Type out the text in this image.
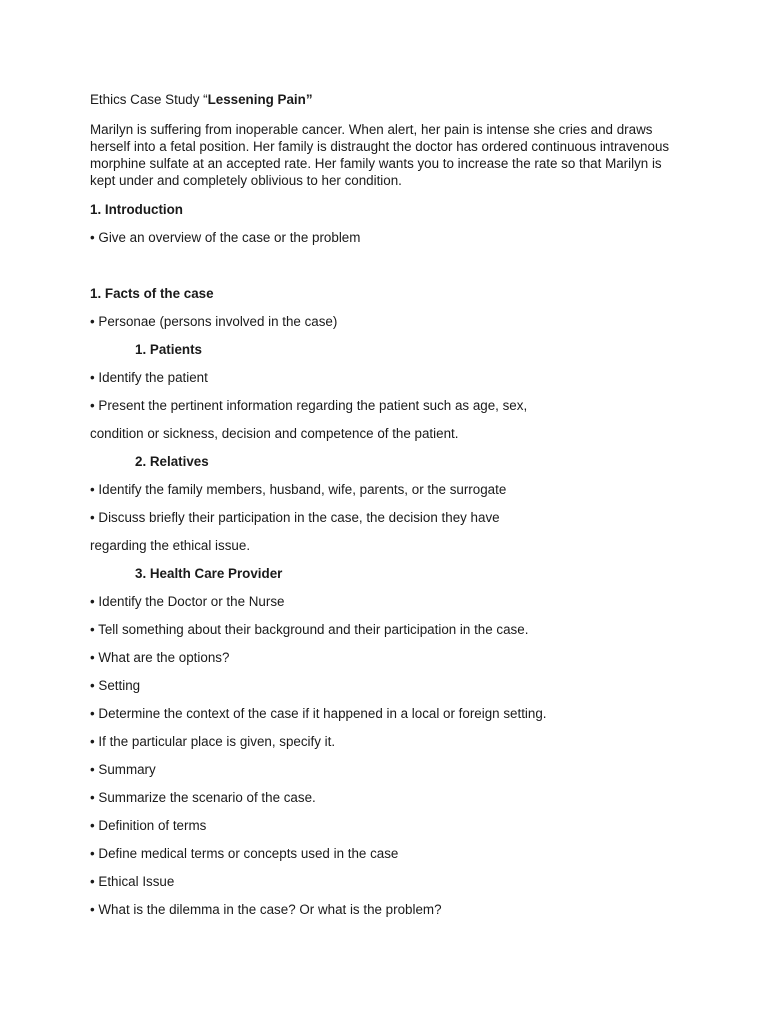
Ethics Case Study “Lessening Pain”
Marilyn is suffering from inoperable cancer. When alert, her pain is intense she cries and draws herself into a fetal position. Her family is distraught the doctor has ordered continuous intravenous morphine sulfate at an accepted rate. Her family wants you to increase the rate so that Marilyn is kept under and completely oblivious to her condition.
1. Introduction
• Give an overview of the case or the problem
1. Facts of the case
• Personae (persons involved in the case)
1. Patients
• Identify the patient
• Present the pertinent information regarding the patient such as age, sex,
condition or sickness, decision and competence of the patient.
2. Relatives
• Identify the family members, husband, wife, parents, or the surrogate
• Discuss briefly their participation in the case, the decision they have
regarding the ethical issue.
3. Health Care Provider
• Identify the Doctor or the Nurse
• Tell something about their background and their participation in the case.
• What are the options?
• Setting
• Determine the context of the case if it happened in a local or foreign setting.
• If the particular place is given, specify it.
• Summary
• Summarize the scenario of the case.
• Definition of terms
• Define medical terms or concepts used in the case
• Ethical Issue
• What is the dilemma in the case? Or what is the problem?
